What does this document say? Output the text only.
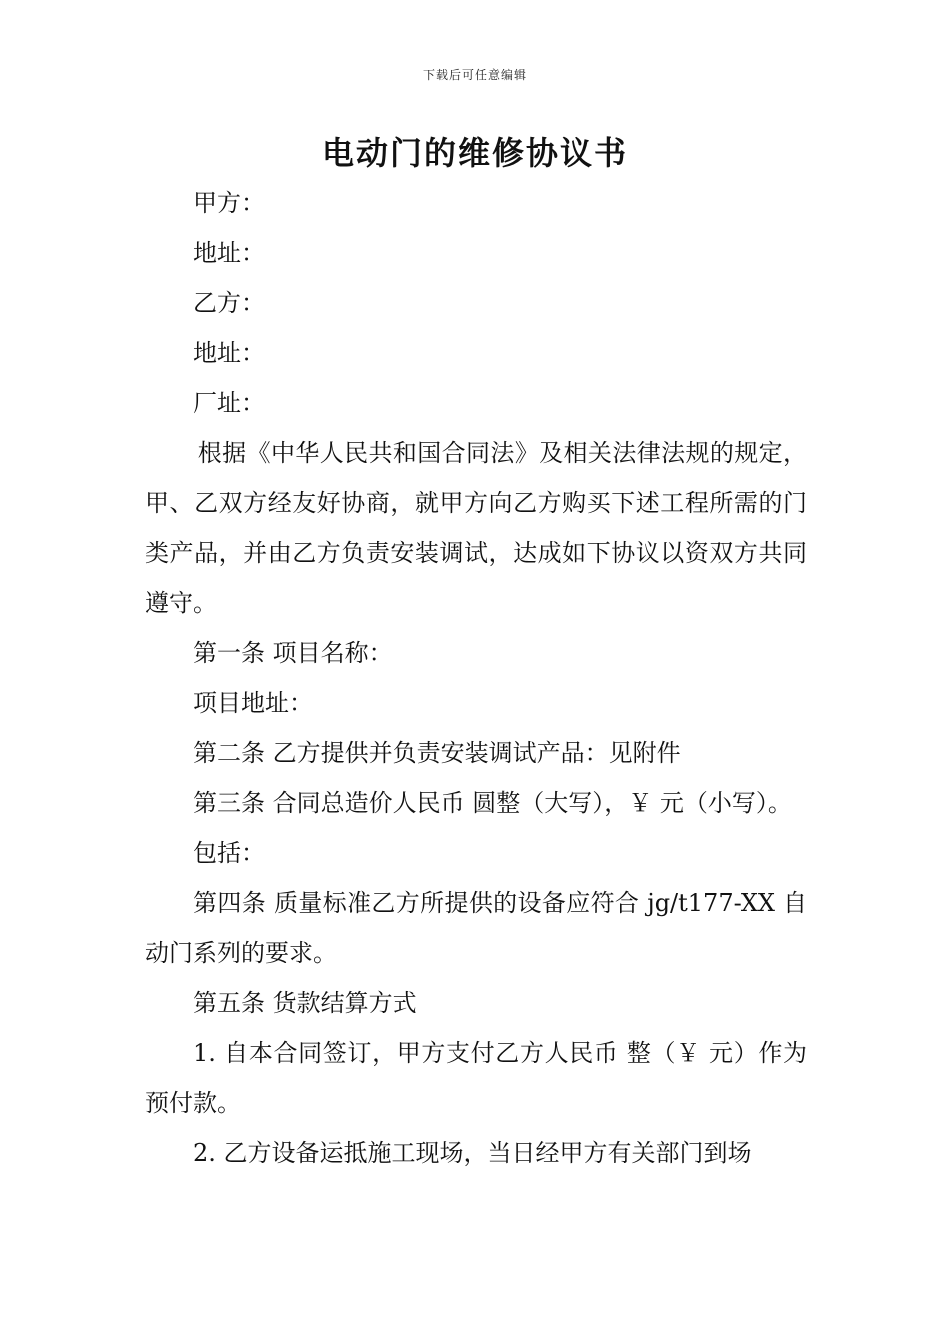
下载后可任意编辑
电动门的维修协议书

甲方：

地址：

乙方：

地址：

厂址：

根据《中华人民共和国合同法》及相关法律法规的规定，甲、乙双方经友好协商，就甲方向乙方购买下述工程所需的门类产品，并由乙方负责安装调试，达成如下协议以资双方共同遵守。

第一条 项目名称：

项目地址：

第二条 乙方提供并负责安装调试产品：见附件

第三条 合同总造价人民币 圆整（大写），￥ 元（小写）。

包括：

第四条 质量标准乙方所提供的设备应符合 jg/t177-XX 自动门系列的要求。

第五条 货款结算方式

1. 自本合同签订，甲方支付乙方人民币 整（￥ 元）作为预付款。

2. 乙方设备运抵施工现场，当日经甲方有关部门到场
